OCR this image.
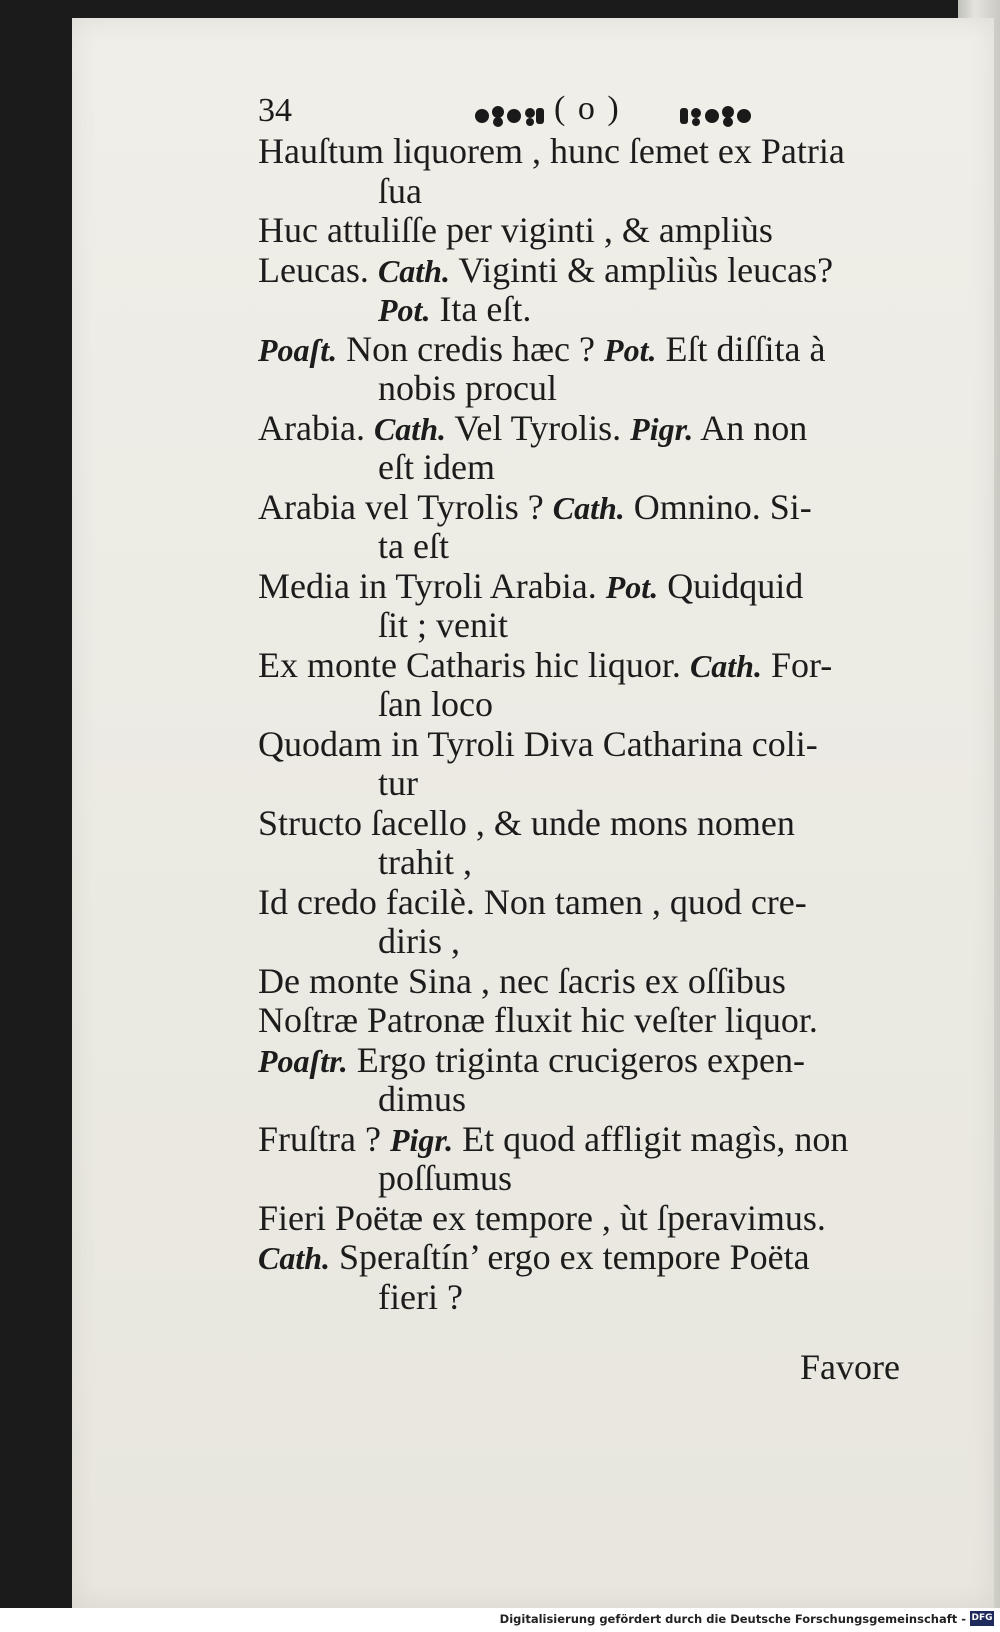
34	( o )
Hauſtum liquorem , hunc ſemet ex Patria
ſua
Huc attuliſſe per viginti , & ampliùs
Leucas. Cath. Viginti & ampliùs leucas?
Pot. Ita eſt.
Poaſt. Non credis hæc ? Pot. Eſt diſſita à
nobis procul
Arabia. Cath. Vel Tyrolis. Pigr. An non
eſt idem
Arabia vel Tyrolis ? Cath. Omnino. Si-
ta eſt
Media in Tyroli Arabia. Pot. Quidquid
ſit ; venit
Ex monte Catharis hic liquor. Cath. For-
ſan loco
Quodam in Tyroli Diva Catharina coli-
tur
Structo ſacello , & unde mons nomen
trahit ,
Id credo facilè. Non tamen , quod cre-
diris ,
De monte Sina , nec ſacris ex oſſibus
Noſtræ Patronæ fluxit hic veſter liquor.
Poaſtr. Ergo triginta crucigeros expen-
dimus
Fruſtra ? Pigr. Et quod affligit magìs, non
poſſumus
Fieri Poëtæ ex tempore , ùt ſperavimus.
Cath. Speraſtín’ ergo ex tempore Poëta
fieri ?
Favore
Digitalisierung gefördert durch die Deutsche Forschungsgemeinschaft - DFG
